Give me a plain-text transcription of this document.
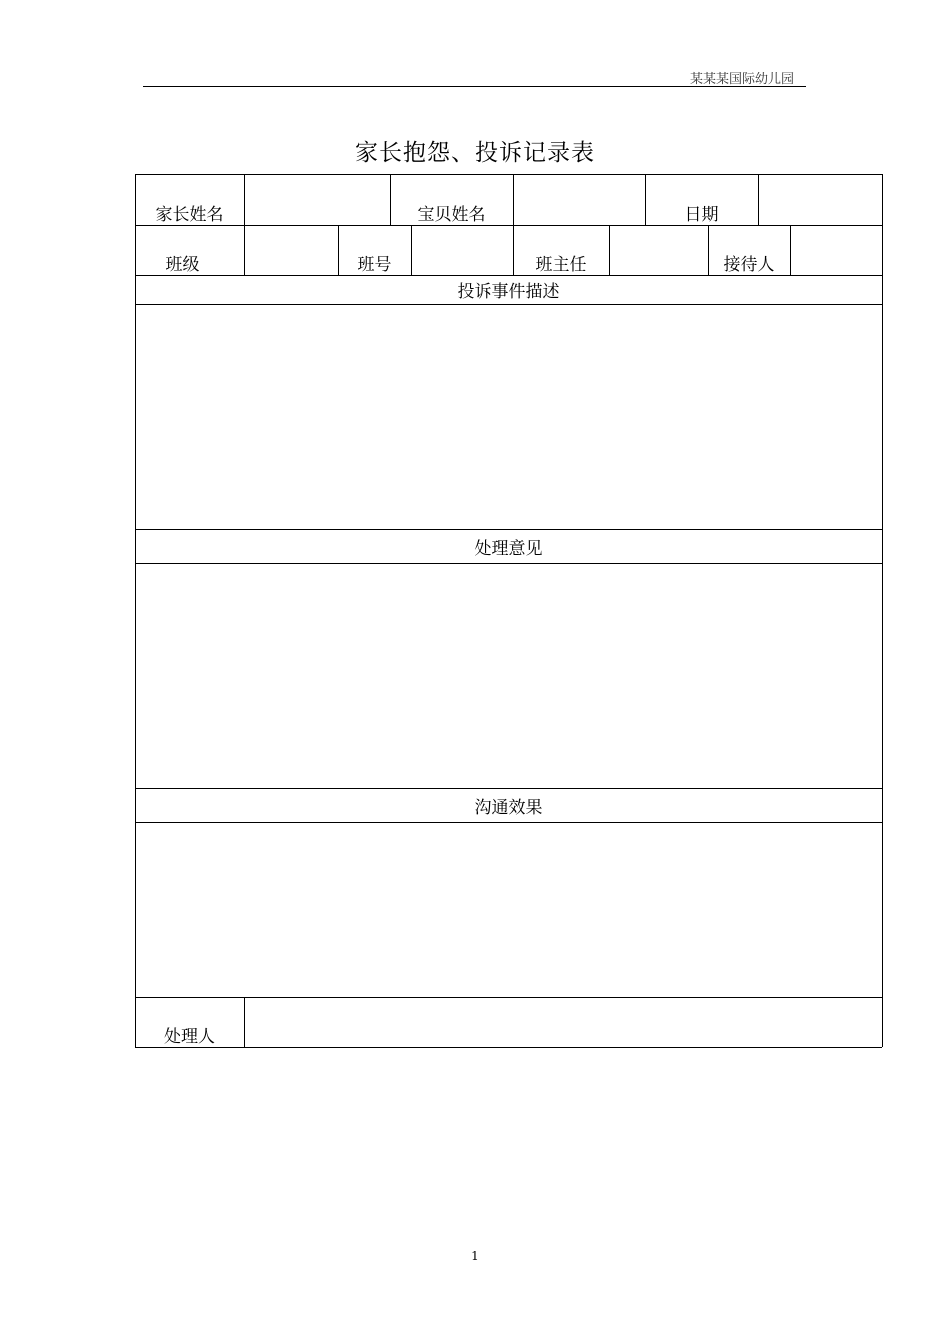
某某某国际幼儿园
家长抱怨、投诉记录表
家长姓名	宝贝姓名	日期
班级	班号	班主任	接待人
投诉事件描述
处理意见
沟通效果
处理人
1
